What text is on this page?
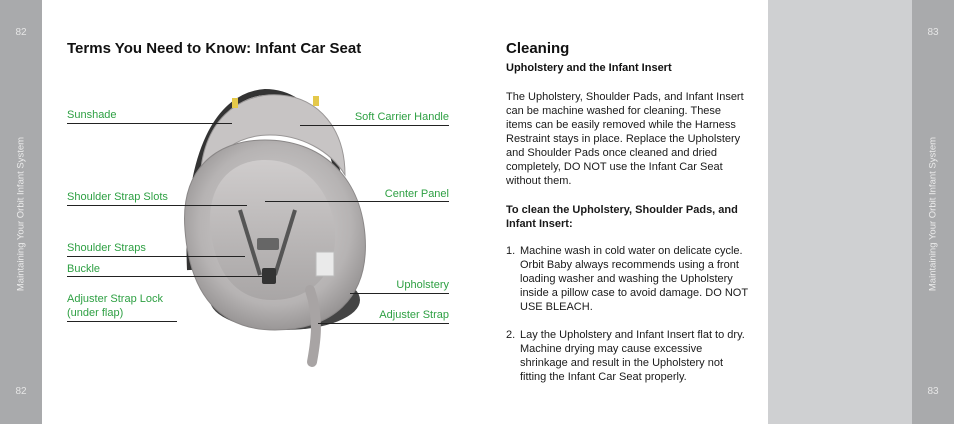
82
Maintaining Your Orbit Infant System
82
83
Maintaining Your Orbit Infant System
83
Terms You Need to Know: Infant Car Seat
Sunshade
Shoulder Strap Slots
Shoulder Straps
Buckle
Adjuster Strap Lock
(under flap)
Soft Carrier Handle
Center Panel
Upholstery
Adjuster Strap
Cleaning
Upholstery and the Infant Insert
The Upholstery, Shoulder Pads, and Infant Insert can be machine washed for cleaning. These items can be easily removed while the Harness Restraint stays in place. Replace the Upholstery and Shoulder Pads once cleaned and dried completely, DO NOT use the Infant Car Seat without them.
To clean the Upholstery, Shoulder Pads, and Infant Insert:
1. Machine wash in cold water on delicate cycle. Orbit Baby always recommends using a front loading washer and washing the Upholstery inside a pillow case to avoid damage. DO NOT USE BLEACH.
2. Lay the Upholstery and Infant Insert flat to dry. Machine drying may cause excessive shrinkage and result in the Upholstery not fitting the Infant Car Seat properly.
